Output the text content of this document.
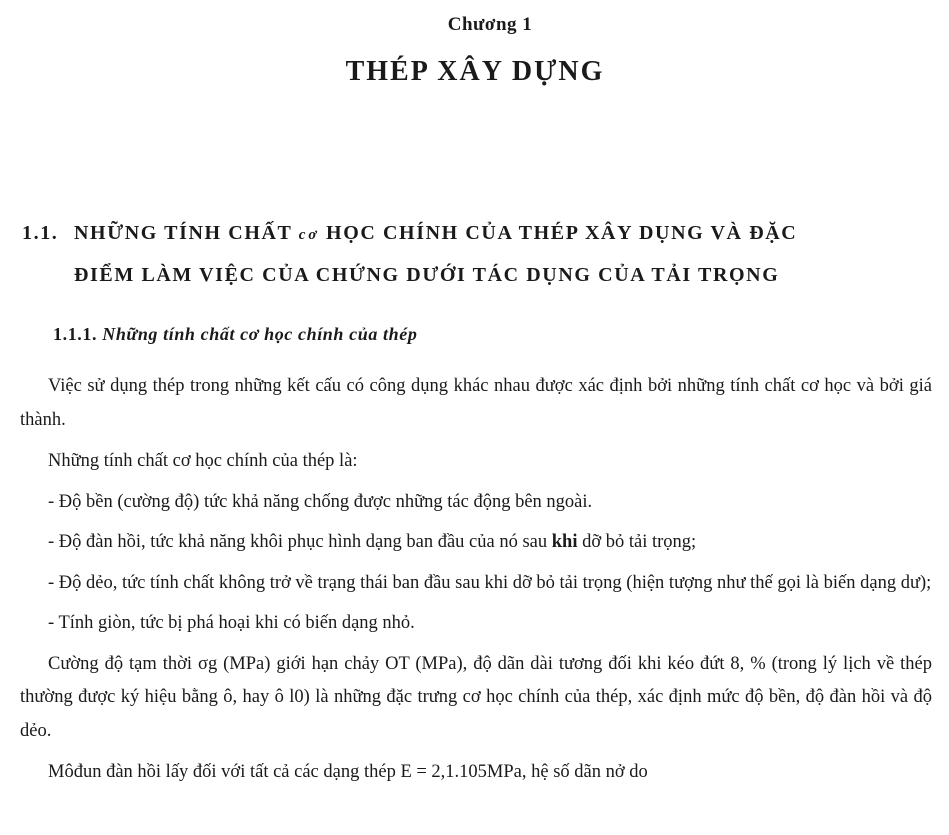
Chương 1
THÉP XÂY DỰNG
1.1. NHỮNG TÍNH CHẤT cơ HỌC CHÍNH CỦA THÉP XÂY DỤNG VÀ ĐẶC
ĐIỂM LÀM VIỆC CỦA CHỨNG DƯỚI TÁC DỤNG CỦA TẢI TRỌNG
1.1.1. Những tính chất cơ học chính của thép

Việc sử dụng thép trong những kết cấu có công dụng khác nhau được xác định bởi những tính chất cơ học và bởi giá thành.

Những tính chất cơ học chính của thép là:

- Độ bền (cường độ) tức khả năng chống được những tác động bên ngoài.

- Độ đàn hồi, tức khả năng khôi phục hình dạng ban đầu của nó sau khi dỡ bỏ tải trọng;

- Độ dẻo, tức tính chất không trở về trạng thái ban đầu sau khi dỡ bỏ tải trọng (hiện tượng như thế gọi là biến dạng dư);

- Tính giòn, tức bị phá hoại khi có biến dạng nhỏ.

Cường độ tạm thời σg (MPa) giới hạn chảy OT (MPa), độ dãn dài tương đối khi kéo đứt 8, % (trong lý lịch về thép thường được ký hiệu bằng ô, hay ô l0) là những đặc trưng cơ học chính của thép, xác định mức độ bền, độ đàn hồi và độ dẻo.

Môđun đàn hồi lấy đối với tất cả các dạng thép E = 2,1.105MPa, hệ số dãn nở do
